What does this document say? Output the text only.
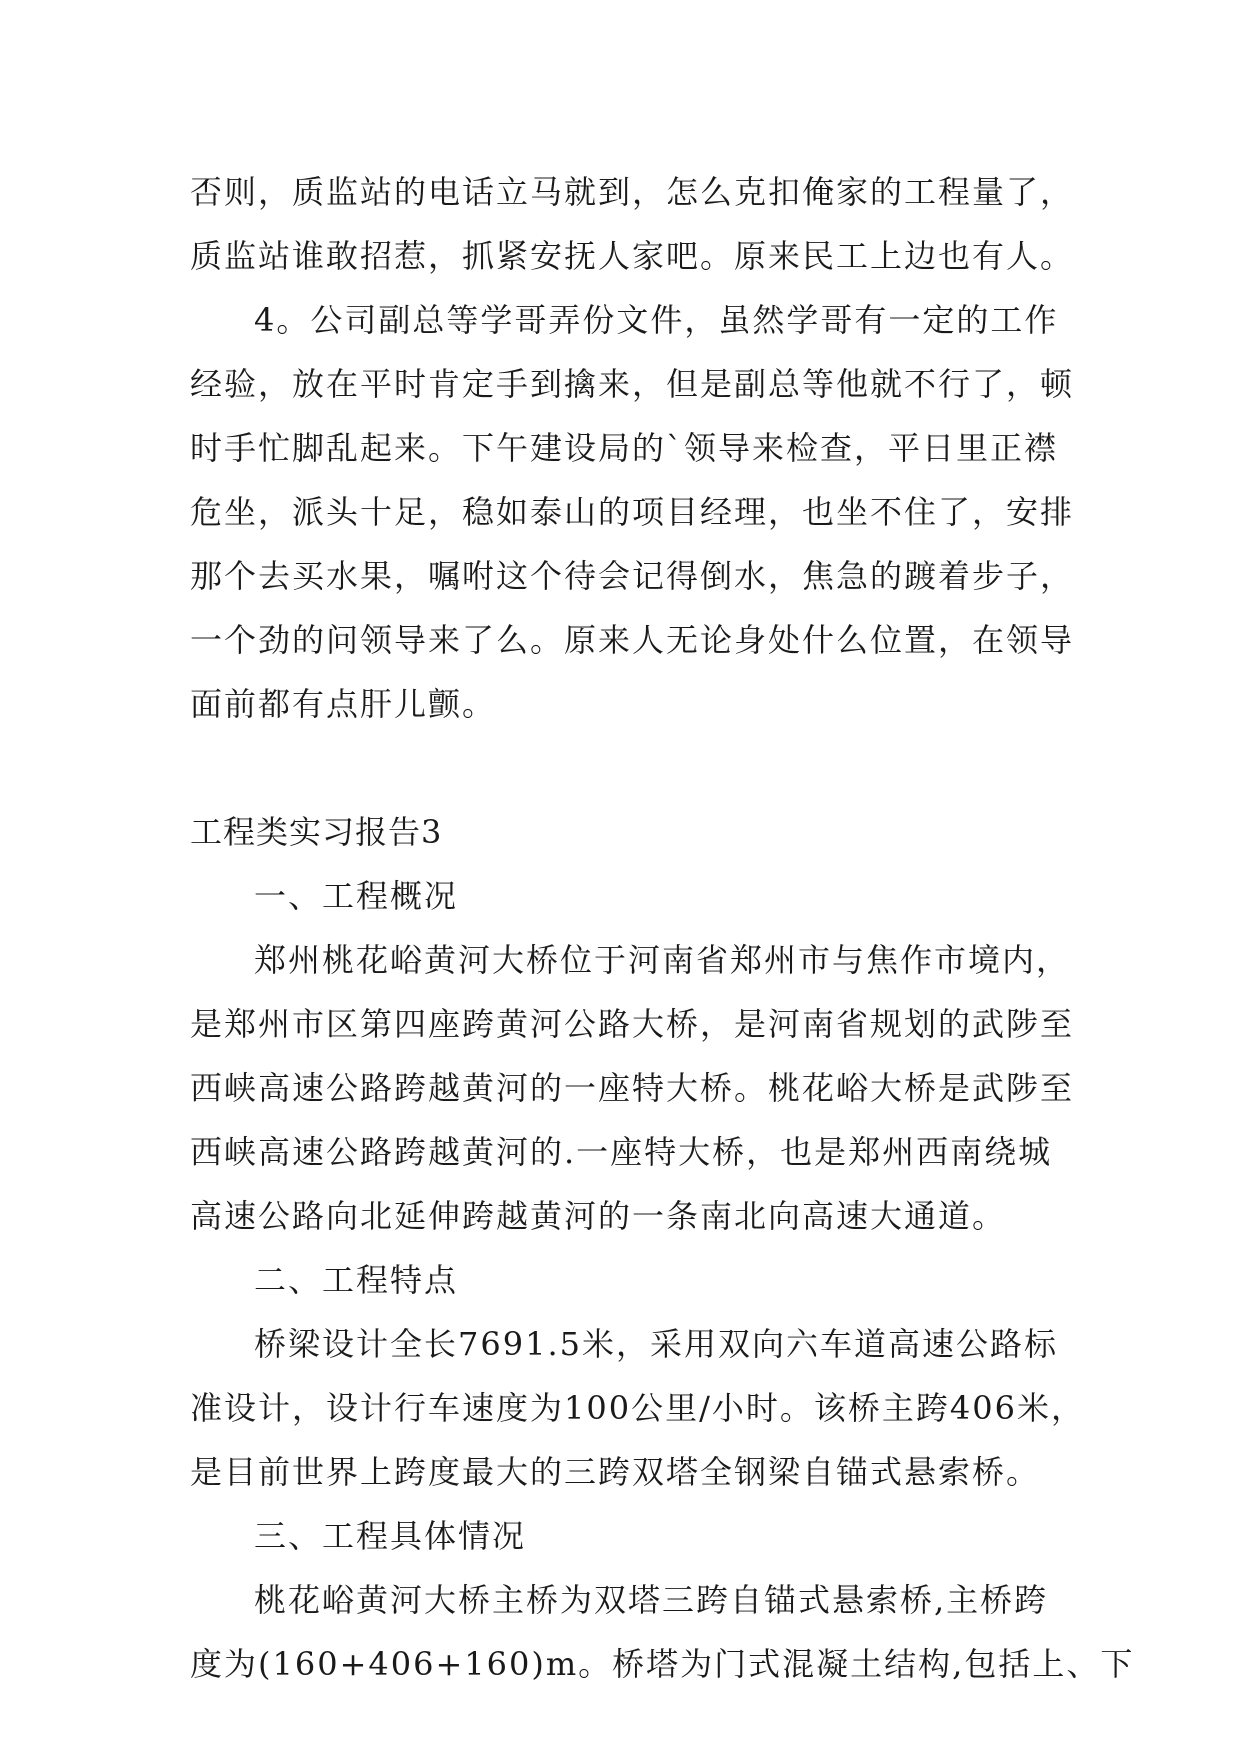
否则，质监站的电话立马就到，怎么克扣俺家的工程量了，

质监站谁敢招惹，抓紧安抚人家吧。原来民工上边也有人。

4。公司副总等学哥弄份文件，虽然学哥有一定的工作

经验，放在平时肯定手到擒来，但是副总等他就不行了，顿

时手忙脚乱起来。下午建设局的`领导来检查，平日里正襟

危坐，派头十足，稳如泰山的项目经理，也坐不住了，安排

那个去买水果，嘱咐这个待会记得倒水，焦急的踱着步子，

一个劲的问领导来了么。原来人无论身处什么位置，在领导

面前都有点肝儿颤。

工程类实习报告3

一、工程概况

郑州桃花峪黄河大桥位于河南省郑州市与焦作市境内，

是郑州市区第四座跨黄河公路大桥，是河南省规划的武陟至

西峡高速公路跨越黄河的一座特大桥。桃花峪大桥是武陟至

西峡高速公路跨越黄河的.一座特大桥，也是郑州西南绕城

高速公路向北延伸跨越黄河的一条南北向高速大通道。

二、工程特点

桥梁设计全长7691.5米，采用双向六车道高速公路标

准设计，设计行车速度为100公里/小时。该桥主跨406米，

是目前世界上跨度最大的三跨双塔全钢梁自锚式悬索桥。

三、工程具体情况

桃花峪黄河大桥主桥为双塔三跨自锚式悬索桥,主桥跨

度为(160+406+160)m。桥塔为门式混凝土结构,包括上、下
